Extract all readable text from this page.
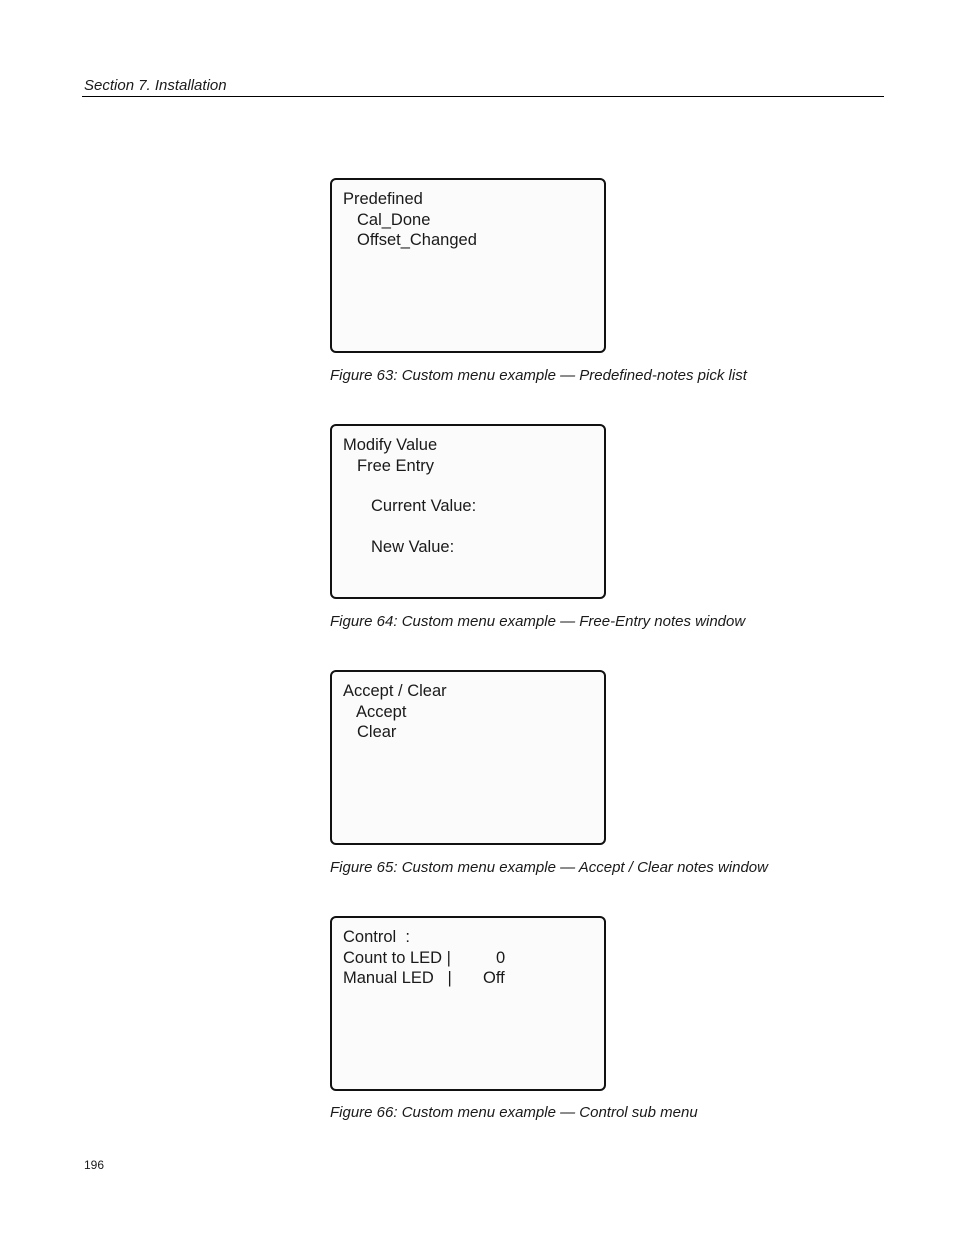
Section 7. Installation
Predefined
Cal_Done
Offset_Changed
Figure 63: Custom menu example — Predefined-notes pick list
Modify Value
Free Entry
Current Value:
New Value:
Figure 64: Custom menu example — Free-Entry notes window
Accept / Clear
Accept
Clear
Figure 65: Custom menu example — Accept / Clear notes window
Control  :
Count to LED |	0
Manual LED   | Off
Figure 66: Custom menu example — Control sub menu
196
